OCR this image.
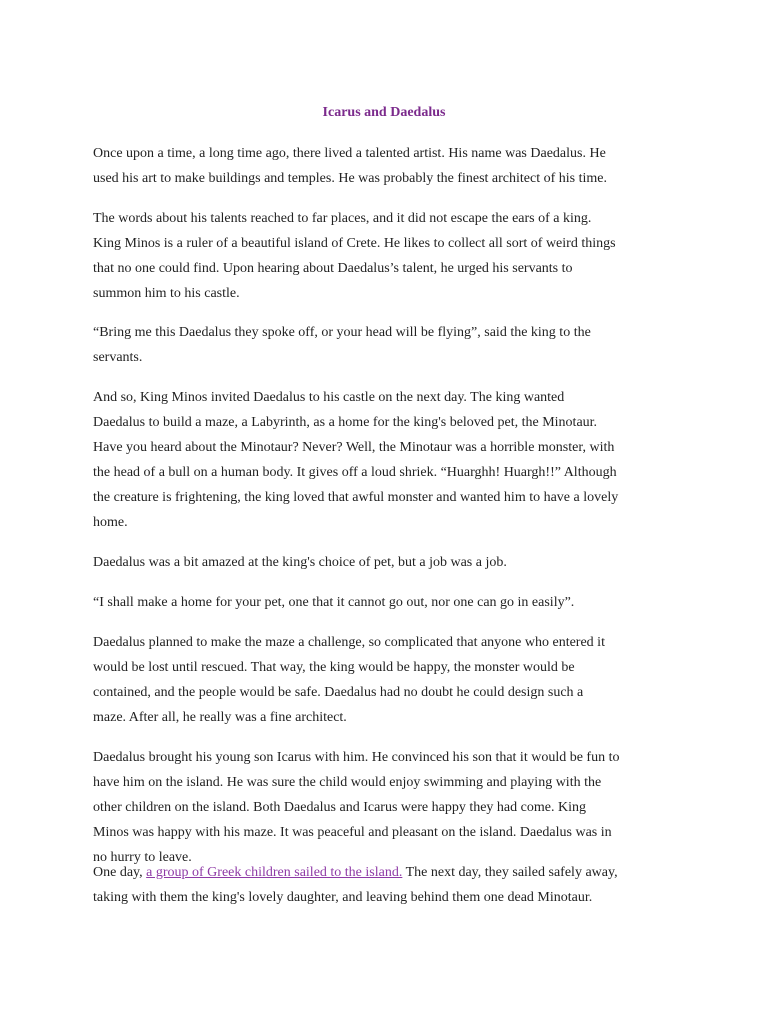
Icarus and Daedalus
Once upon a time, a long time ago, there lived a talented artist. His name was Daedalus. He
used his art to make buildings and temples. He was probably the finest architect of his time.
The words about his talents reached to far places, and it did not escape the ears of a king.
King Minos is a ruler of a beautiful island of Crete. He likes to collect all sort of weird things
that no one could find. Upon hearing about Daedalus’s talent, he urged his servants to
summon him to his castle.
“Bring me this Daedalus they spoke off, or your head will be flying”, said the king to the
servants.
And so, King Minos invited Daedalus to his castle on the next day. The king wanted
Daedalus to build a maze, a Labyrinth, as a home for the king's beloved pet, the Minotaur.
Have you heard about the Minotaur? Never? Well, the Minotaur was a horrible monster, with
the head of a bull on a human body. It gives off a loud shriek. “Huarghh! Huargh!!” Although
the creature is frightening, the king loved that awful monster and wanted him to have a lovely
home.
Daedalus was a bit amazed at the king's choice of pet, but a job was a job.
“I shall make a home for your pet, one that it cannot go out, nor one can go in easily”.
Daedalus planned to make the maze a challenge, so complicated that anyone who entered it
would be lost until rescued. That way, the king would be happy, the monster would be
contained, and the people would be safe. Daedalus had no doubt he could design such a
maze. After all, he really was a fine architect.
Daedalus brought his young son Icarus with him. He convinced his son that it would be fun to
have him on the island. He was sure the child would enjoy swimming and playing with the
other children on the island. Both Daedalus and Icarus were happy they had come. King
Minos was happy with his maze. It was peaceful and pleasant on the island. Daedalus was in
no hurry to leave.
One day, a group of Greek children sailed to the island. The next day, they sailed safely away,
taking with them the king's lovely daughter, and leaving behind them one dead Minotaur.
